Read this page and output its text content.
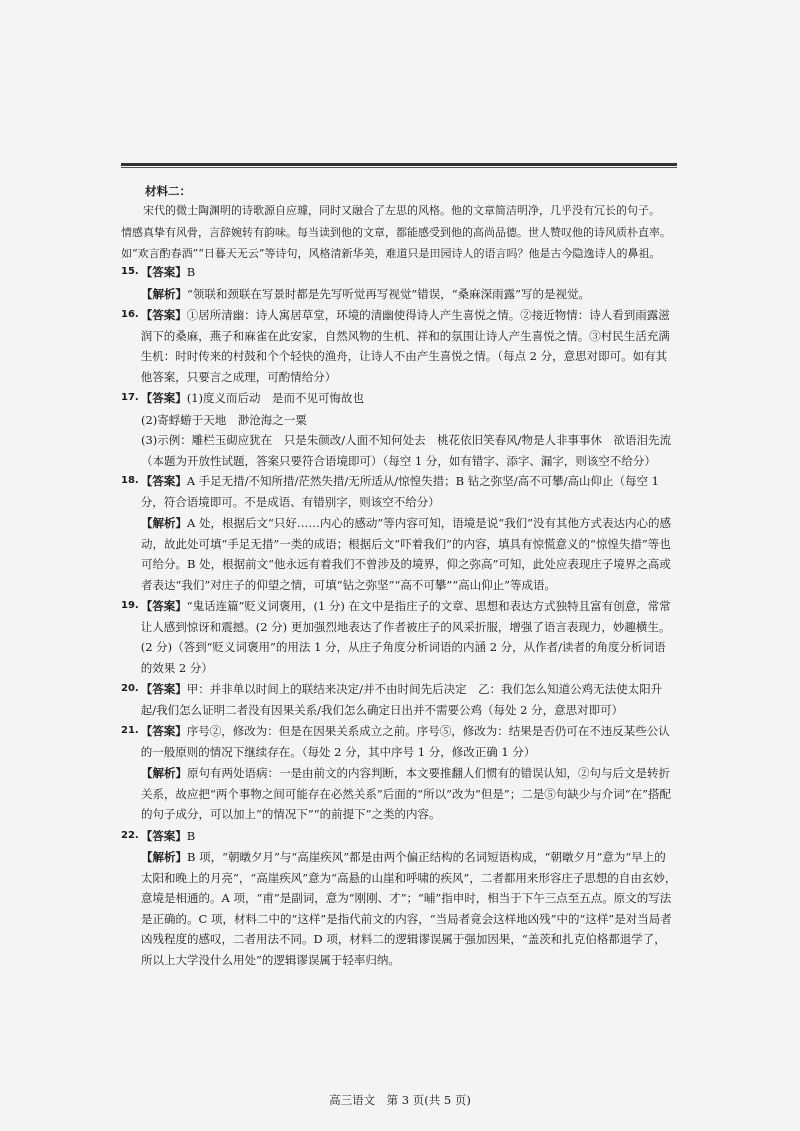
材料二：

宋代的微士陶渊明的诗歌源自应璩，同时又融合了左思的风格。他的文章简洁明净，几乎没有冗长的句子。

情感真挚有风骨，言辞婉转有韵味。每当读到他的文章，都能感受到他的高尚品德。世人赞叹他的诗风质朴直率。

如“欢言酌春酒”“日暮天无云”等诗句，风格清新华美，难道只是田园诗人的语言吗？他是古今隐逸诗人的鼻祖。

15. 【答案】B
【解析】“领联和颈联在写景时都是先写听觉再写视觉”错误，“桑麻深雨露”写的是视觉。
16. 【答案】①居所清幽：诗人寓居草堂，环境的清幽使得诗人产生喜悦之情。②接近物情：诗人看到雨露滋润下的桑麻，燕子和麻雀在此安家，自然风物的生机、祥和的氛围让诗人产生喜悦之情。③村民生活充满生机：时时传来的村鼓和个个轻快的渔舟，让诗人不由产生喜悦之情。（每点 2 分，意思对即可。如有其他答案，只要言之成理，可酌情给分）
17. 【答案】(1)度义而后动　是而不见可悔故也
(2)寄蜉蝣于天地　渺沧海之一粟
(3)示例：雕栏玉砌应犹在　只是朱颜改/人面不知何处去　桃花依旧笑春风/物是人非事事休　欲语泪先流（本题为开放性试题，答案只要符合语境即可）（每空 1 分，如有错字、添字、漏字，则该空不给分）
18. 【答案】A 手足无措/不知所措/茫然失措/无所适从/惊惶失措；B 钻之弥坚/高不可攀/高山仰止（每空 1 分，符合语境即可。不是成语、有错别字，则该空不给分）
【解析】A 处，根据后文“只好……内心的感动”等内容可知，语境是说“我们”没有其他方式表达内心的感动，故此处可填“手足无措”一类的成语；根据后文“吓着我们”的内容，填具有惊慌意义的“惊惶失措”等也可给分。B 处，根据前文“他永远有着我们不曾涉及的境界，仰之弥高”可知，此处应表现庄子境界之高或者表达“我们”对庄子的仰望之情，可填“钻之弥坚”“高不可攀”“高山仰止”等成语。
19. 【答案】“鬼话连篇”贬义词褒用，(1 分) 在文中是指庄子的文章、思想和表达方式独特且富有创意，常常让人感到惊讶和震撼。(2 分) 更加强烈地表达了作者被庄子的风采折服，增强了语言表现力，妙趣横生。(2 分)（答到“贬义词褒用”的用法 1 分，从庄子角度分析词语的内涵 2 分，从作者/读者的角度分析词语的效果 2 分）
20. 【答案】甲：并非单以时间上的联结来决定/并不由时间先后决定　乙：我们怎么知道公鸡无法使太阳升起/我们怎么证明二者没有因果关系/我们怎么确定日出并不需要公鸡（每处 2 分，意思对即可）
21. 【答案】序号②，修改为：但是在因果关系成立之前。序号⑤，修改为：结果是否仍可在不违反某些公认的一般原则的情况下继续存在。（每处 2 分，其中序号 1 分，修改正确 1 分）
【解析】原句有两处语病：一是由前文的内容判断，本文要推翻人们惯有的错误认知，②句与后文是转折关系，故应把“两个事物之间可能存在必然关系”后面的“所以”改为“但是”；二是⑤句缺少与介词“在”搭配的句子成分，可以加上“的情况下”“的前提下”之类的内容。
22. 【答案】B
【解析】B 项，“朝暾夕月”与“高崖疾风”都是由两个偏正结构的名词短语构成，“朝暾夕月”意为“早上的太阳和晚上的月亮”，“高崖疾风”意为“高悬的山崖和呼啸的疾风”，二者都用来形容庄子思想的自由玄妙，意境是相通的。A 项，“甫”是副词，意为“刚刚、才”；“晡”指申时，相当于下午三点至五点。原文的写法是正确的。C 项，材料二中的“这样”是指代前文的内容，“当局者竟会这样地凶残”中的“这样”是对当局者凶残程度的感叹，二者用法不同。D 项，材料二的逻辑谬误属于强加因果，“盖茨和扎克伯格都退学了，所以上大学没什么用处”的逻辑谬误属于轻率归纳。
高三语文　第 3 页(共 5 页)
